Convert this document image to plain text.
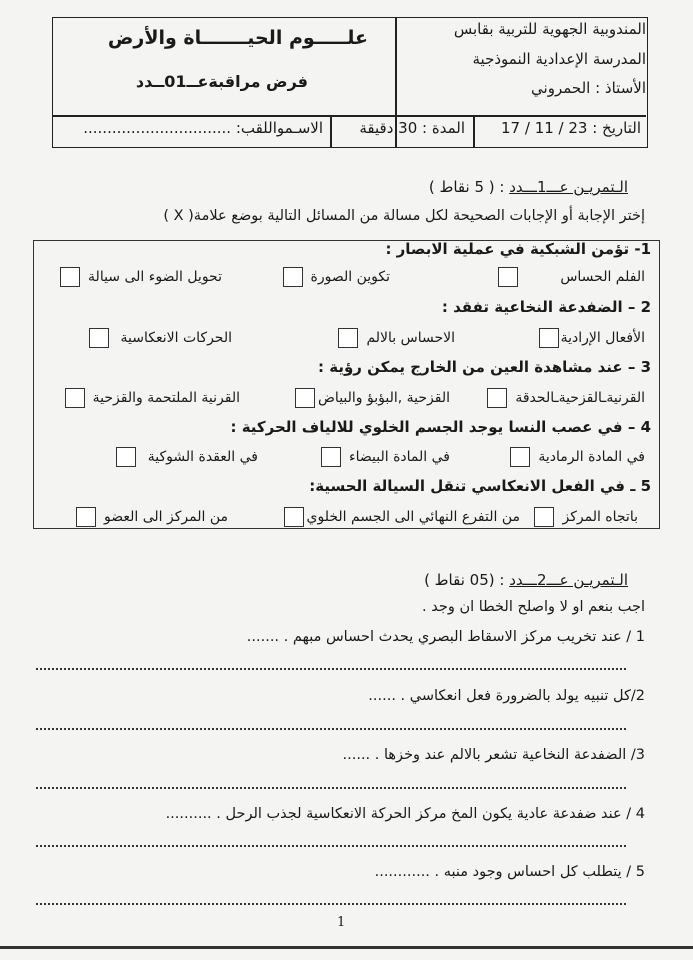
المندوبية الجهوية للتربية بقابس
المدرسة الإعدادية النموذجية
الأستاذ : الحمروني
علـــــوم الحيـــــــاة والأرض
فرض مراقبةعــ01ــدد
التاريخ : 23 / 11 / 17
المدة : 30 دقيقة
الاسـمواللقب: ...............................
الـتمريـن عـــ1ـــدد : ( 5 نقاط )
إختر الإجابة أو الإجابات الصحيحة لكل مسالة من المسائل التالية بوضع علامة( X )
1- تؤمن الشبكية في عملية الابصار :
الفلم الحساس
تكوين الصورة
تحويل الضوء الى سيالة
2 – الضفدعة النخاعية تفقد :
الأفعال الإرادية
الاحساس بالالم
الحركات الانعكاسية
3 – عند مشاهدة العين من الخارج يمكن رؤية :
القرنيةـالقزحيةـالحدقة
القزحية ,البؤبؤ والبياض
القرنية الملتحمة والقزحية
4 – في عصب النسا يوجد الجسم الخلوي للالياف الحركية :
في المادة الرمادية
في المادة البيضاء
في العقدة الشوكية
5 ـ في الفعل الانعكاسي تنقل السيالة الحسية:
باتجاه المركز
من التفرع النهائي الى الجسم الخلوي
من المركز الى العضو
الـتمريـن عـــ2ـــدد : (05 نقاط )
اجب بنعم او لا واصلح الخطا ان وجد .
1 / عند تخريب مركز الاسقاط البصري يحدث احساس مبهم . .......
2/كل تنبيه يولد بالضرورة فعل انعكاسي . ......
3/ الضفدعة النخاعية تشعر بالالم عند وخزها . ......
4 / عند ضفدعة عادية يكون المخ مركز الحركة الانعكاسية لجذب الرحل . ..........
5 / يتطلب كل احساس وجود منبه . ............
1
